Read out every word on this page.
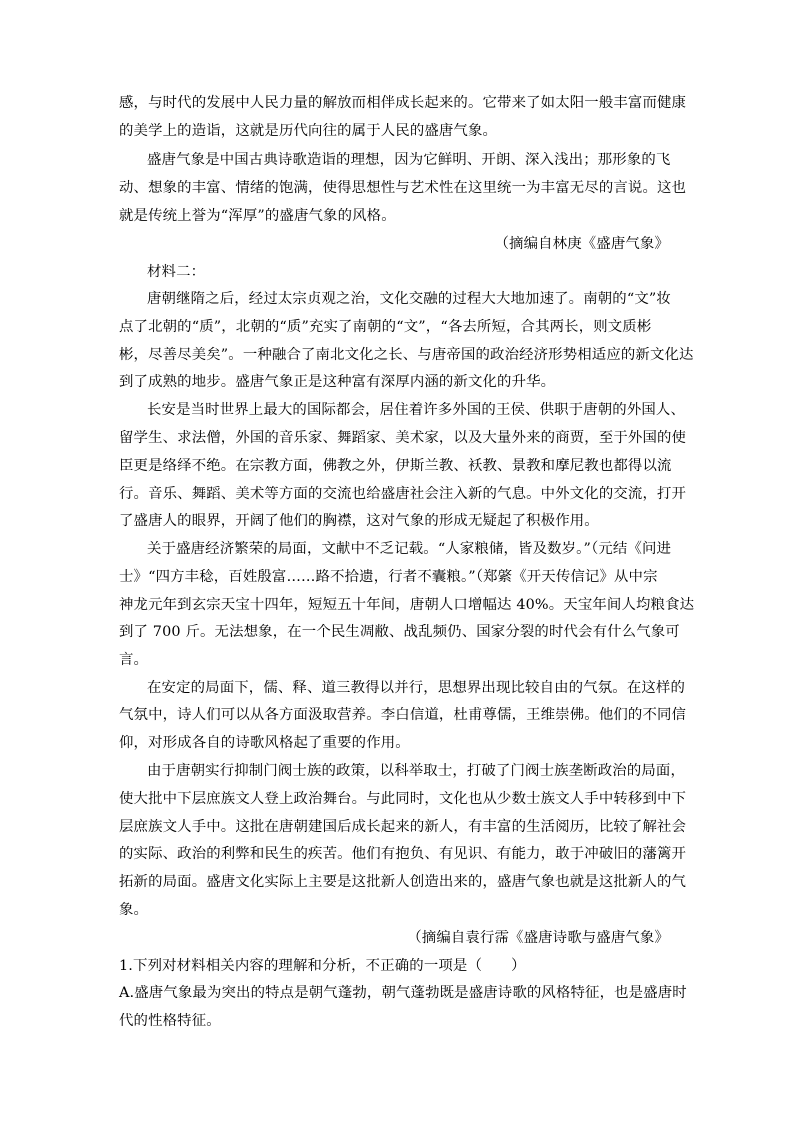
感，与时代的发展中人民力量的解放而相伴成长起来的。它带来了如太阳一般丰富而健康
的美学上的造诣，这就是历代向往的属于人民的盛唐气象。
盛唐气象是中国古典诗歌造诣的理想，因为它鲜明、开朗、深入浅出；那形象的飞
动、想象的丰富、情绪的饱满，使得思想性与艺术性在这里统一为丰富无尽的言说。这也
就是传统上誉为“浑厚”的盛唐气象的风格。
（摘编自林庚《盛唐气象》
材料二：
唐朝继隋之后，经过太宗贞观之治，文化交融的过程大大地加速了。南朝的“文”妆
点了北朝的“质”，北朝的“质”充实了南朝的“文”，“各去所短，合其两长，则文质彬
彬，尽善尽美矣”。一种融合了南北文化之长、与唐帝国的政治经济形势相适应的新文化达
到了成熟的地步。盛唐气象正是这种富有深厚内涵的新文化的升华。
长安是当时世界上最大的国际都会，居住着许多外国的王侯、供职于唐朝的外国人、
留学生、求法僧，外国的音乐家、舞蹈家、美术家，以及大量外来的商贾，至于外国的使
臣更是络绎不绝。在宗教方面，佛教之外，伊斯兰教、袄教、景教和摩尼教也都得以流
行。音乐、舞蹈、美术等方面的交流也给盛唐社会注入新的气息。中外文化的交流，打开
了盛唐人的眼界，开阔了他们的胸襟，这对气象的形成无疑起了积极作用。
关于盛唐经济繁荣的局面，文献中不乏记载。“人家粮储，皆及数岁。”（元结《问进
士》“四方丰稔，百姓殷富……路不拾遗，行者不囊粮。”（郑綮《开天传信记》从中宗
神龙元年到玄宗天宝十四年，短短五十年间，唐朝人口增幅达 40%。天宝年间人均粮食达
到了 700 斤。无法想象，在一个民生凋敝、战乱频仍、国家分裂的时代会有什么气象可
言。
在安定的局面下，儒、释、道三教得以并行，思想界出现比较自由的气氛。在这样的
气氛中，诗人们可以从各方面汲取营养。李白信道，杜甫尊儒，王维崇佛。他们的不同信
仰，对形成各自的诗歌风格起了重要的作用。
由于唐朝实行抑制门阀士族的政策，以科举取士，打破了门阀士族垄断政治的局面，
使大批中下层庶族文人登上政治舞台。与此同时，文化也从少数士族文人手中转移到中下
层庶族文人手中。这批在唐朝建国后成长起来的新人，有丰富的生活阅历，比较了解社会
的实际、政治的利弊和民生的疾苦。他们有抱负、有见识、有能力，敢于冲破旧的藩篱开
拓新的局面。盛唐文化实际上主要是这批新人创造出来的，盛唐气象也就是这批新人的气
象。
（摘编自袁行霈《盛唐诗歌与盛唐气象》
1.下列对材料相关内容的理解和分析，不正确的一项是（　　）
A.盛唐气象最为突出的特点是朝气蓬勃，朝气蓬勃既是盛唐诗歌的风格特征，也是盛唐时
代的性格特征。
